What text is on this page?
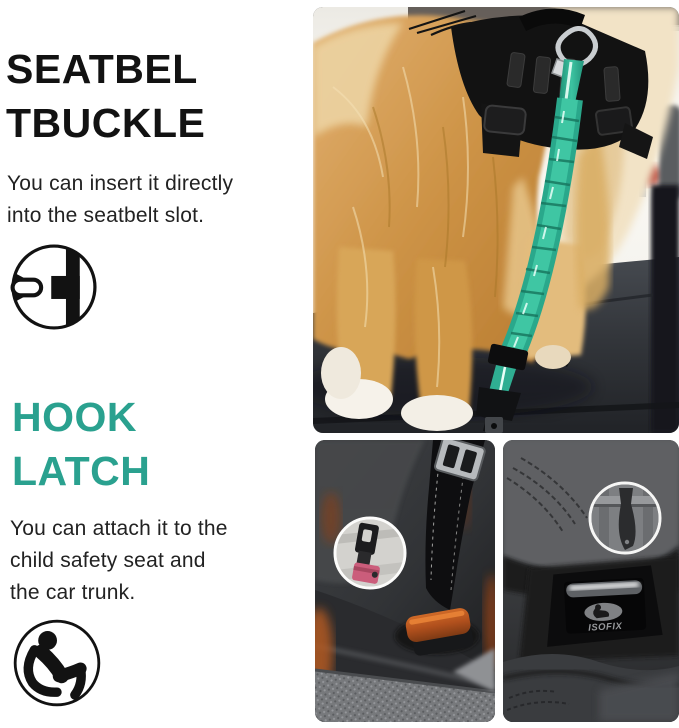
SEATBEL
TBUCKLE

You can insert it directly
into the seatbelt slot.

HOOK
LATCH

You can attach it to the
child safety seat and
the car trunk.

ISOFIX
